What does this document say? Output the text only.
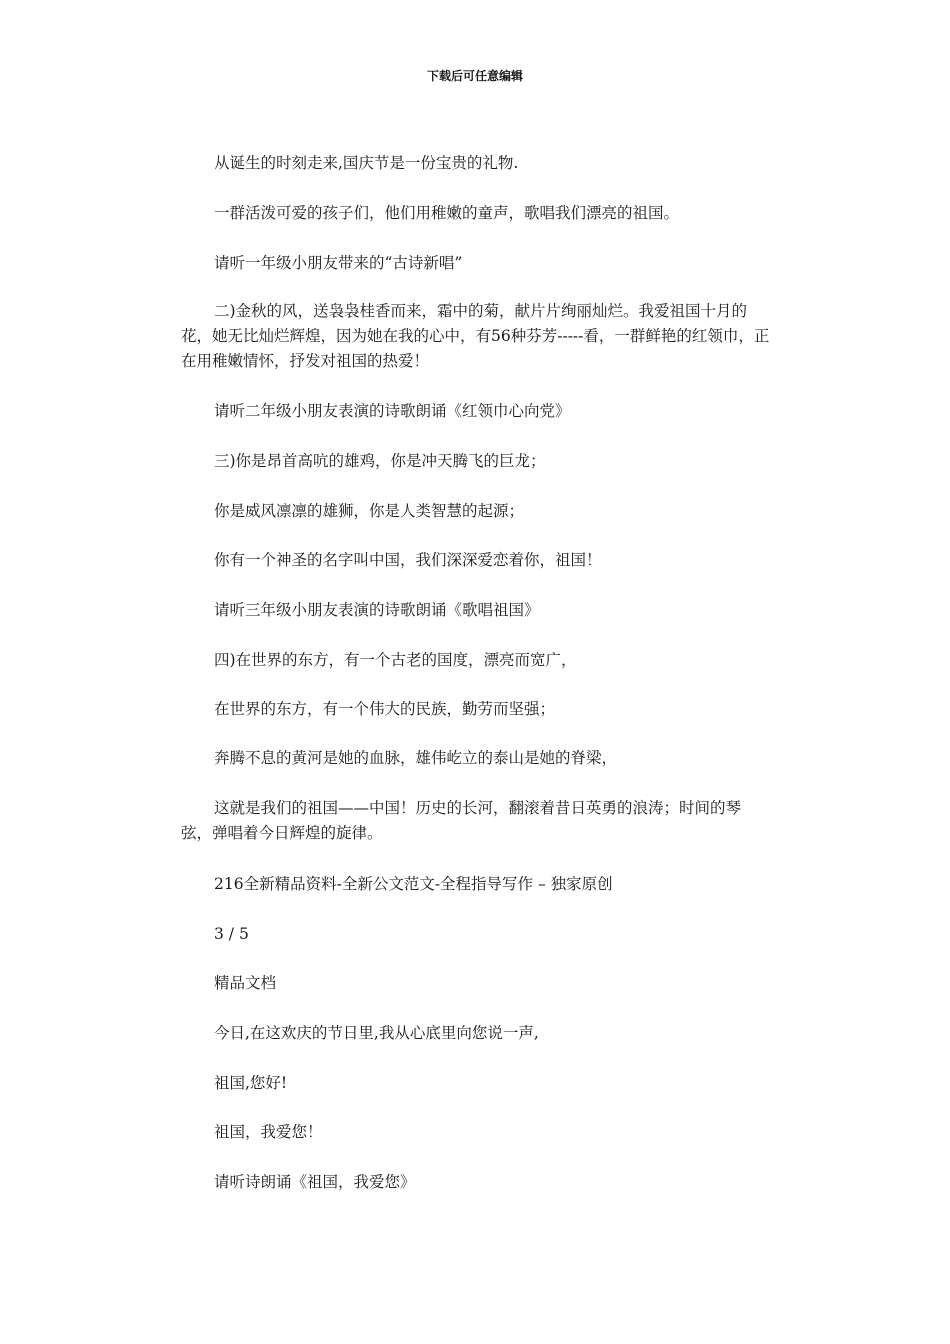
下载后可任意编辑

从诞生的时刻走来,国庆节是一份宝贵的礼物.

一群活泼可爱的孩子们，他们用稚嫩的童声，歌唱我们漂亮的祖国。

请听一年级小朋友带来的“古诗新唱”

二)金秋的风，送袅袅桂香而来，霜中的菊，献片片绚丽灿烂。我爱祖国十月的花，她无比灿烂辉煌，因为她在我的心中，有56种芬芳-----看，一群鲜艳的红领巾，正在用稚嫩情怀，抒发对祖国的热爱！

请听二年级小朋友表演的诗歌朗诵《红领巾心向党》

三)你是昂首高吭的雄鸡，你是冲天腾飞的巨龙；

你是威风凛凛的雄狮，你是人类智慧的起源；

你有一个神圣的名字叫中国，我们深深爱恋着你，祖国！

请听三年级小朋友表演的诗歌朗诵《歌唱祖国》

四)在世界的东方，有一个古老的国度，漂亮而宽广，

在世界的东方，有一个伟大的民族，勤劳而坚强；

奔腾不息的黄河是她的血脉，雄伟屹立的泰山是她的脊梁，

这就是我们的祖国——中国！历史的长河，翻滚着昔日英勇的浪涛；时间的琴弦，弹唱着今日辉煌的旋律。

216全新精品资料-全新公文范文-全程指导写作 – 独家原创

3 / 5

精品文档

今日,在这欢庆的节日里,我从心底里向您说一声,

祖国,您好!

祖国，我爱您！

请听诗朗诵《祖国，我爱您》
